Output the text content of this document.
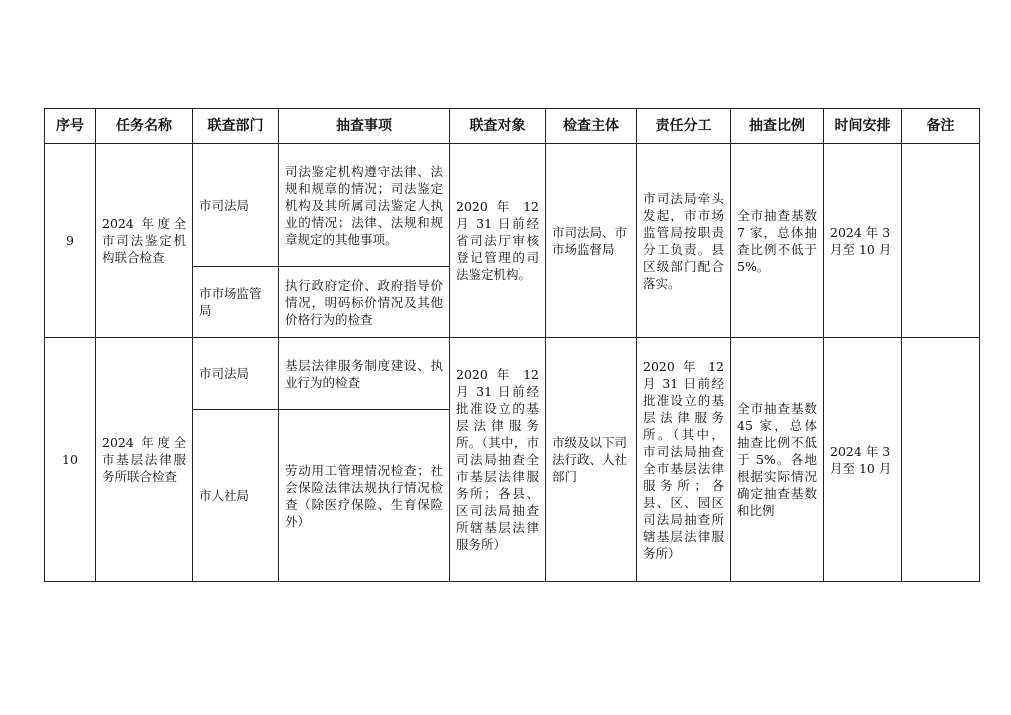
序号	任务名称	联查部门	抽查事项	联查对象	检查主体	责任分工	抽查比例	时间安排	备注
9	2024 年度全市司法鉴定机构联合检查	市司法局	司法鉴定机构遵守法律、法规和规章的情况；司法鉴定机构及其所属司法鉴定人执业的情况；法律、法规和规章规定的其他事项。	2020 年 12 月 31 日前经省司法厅审核登记管理的司法鉴定机构。	市司法局、市市场监督局	市司法局牵头发起，市市场监管局按职责分工负责。县区级部门配合落实。	全市抽查基数 7 家，总体抽查比例不低于 5%。	2024 年 3 月至 10 月	
		市市场监管局	执行政府定价、政府指导价情况，明码标价情况及其他价格行为的检查						
10	2024 年度全市基层法律服务所联合检查	市司法局	基层法律服务制度建设、执业行为的检查	2020 年 12 月 31 日前经批准设立的基层法律服务所。（其中，市司法局抽查全市基层法律服务所；各县、区司法局抽查所辖基层法律服务所）	市级及以下司法行政、人社部门	2020 年 12 月 31 日前经批准设立的基层法律服务所。（其中，市司法局抽查全市基层法律服务所；各县、区、园区司法局抽查所辖基层法律服务所）	全市抽查基数 45 家，总体抽查比例不低于 5%。各地根据实际情况确定抽查基数和比例	2024 年 3 月至 10 月	
		市人社局	劳动用工管理情况检查；社会保险法律法规执行情况检查（除医疗保险、生育保险外）						
